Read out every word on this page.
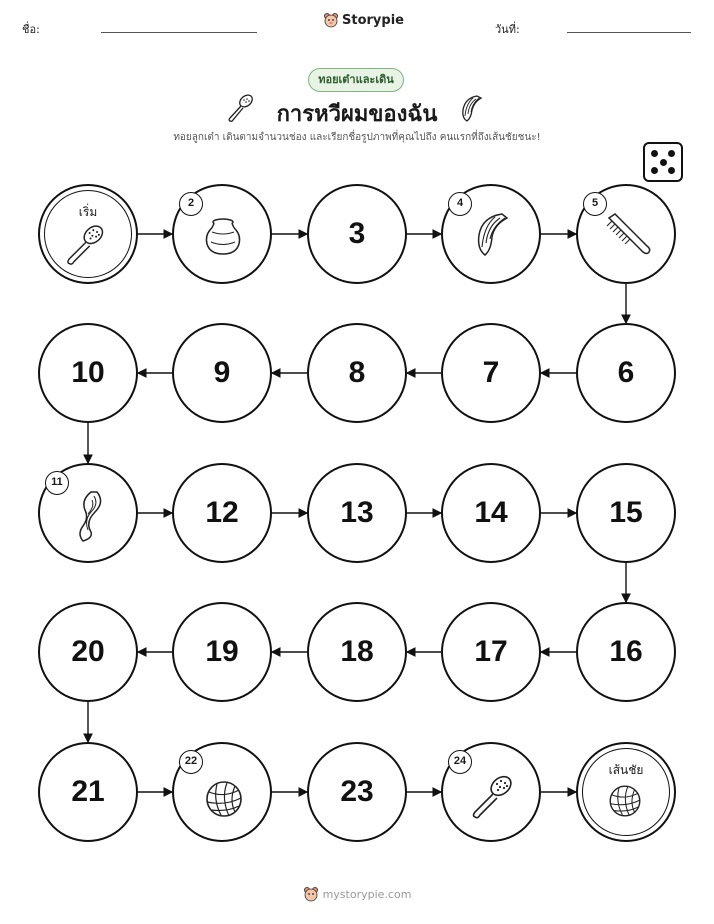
ชื่อ:
Storypie
วันที่:
ทอยเต๋าและเดิน
การหวีผมของฉัน
ทอยลูกเต๋า เดินตามจำนวนช่อง และเรียกชื่อรูปภาพที่คุณไปถึง คนแรกที่ถึงเส้นชัยชนะ!
เริ่ม
2
3
4	5
6
7
8
9
10
11
12	13	14	15
16
17
18
19
20
21
22
23
24
เส้นชัย
mystorypie.com
